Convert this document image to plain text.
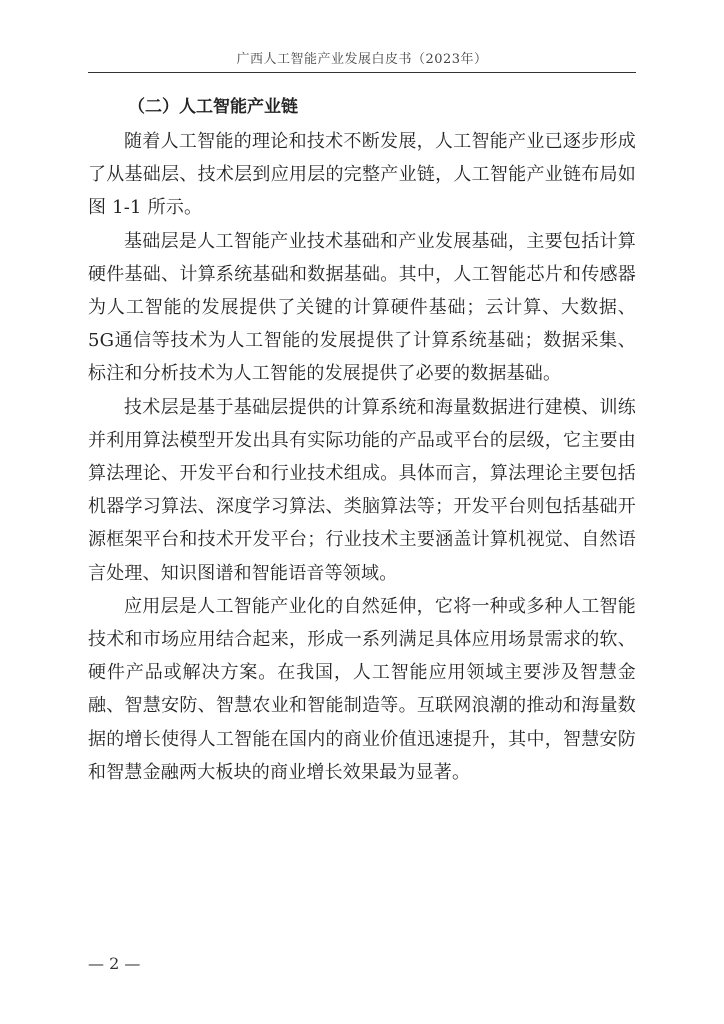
广西人工智能产业发展白皮书（2023年）
（二）人工智能产业链

随着人工智能的理论和技术不断发展，人工智能产业已逐步形成了从基础层、技术层到应用层的完整产业链，人工智能产业链布局如图 1-1 所示。

基础层是人工智能产业技术基础和产业发展基础，主要包括计算硬件基础、计算系统基础和数据基础。其中，人工智能芯片和传感器为人工智能的发展提供了关键的计算硬件基础；云计算、大数据、5G通信等技术为人工智能的发展提供了计算系统基础；数据采集、标注和分析技术为人工智能的发展提供了必要的数据基础。

技术层是基于基础层提供的计算系统和海量数据进行建模、训练并利用算法模型开发出具有实际功能的产品或平台的层级，它主要由算法理论、开发平台和行业技术组成。具体而言，算法理论主要包括机器学习算法、深度学习算法、类脑算法等；开发平台则包括基础开源框架平台和技术开发平台；行业技术主要涵盖计算机视觉、自然语言处理、知识图谱和智能语音等领域。

应用层是人工智能产业化的自然延伸，它将一种或多种人工智能技术和市场应用结合起来，形成一系列满足具体应用场景需求的软、硬件产品或解决方案。在我国，人工智能应用领域主要涉及智慧金融、智慧安防、智慧农业和智能制造等。互联网浪潮的推动和海量数据的增长使得人工智能在国内的商业价值迅速提升，其中，智慧安防和智慧金融两大板块的商业增长效果最为显著。

— 2 —
